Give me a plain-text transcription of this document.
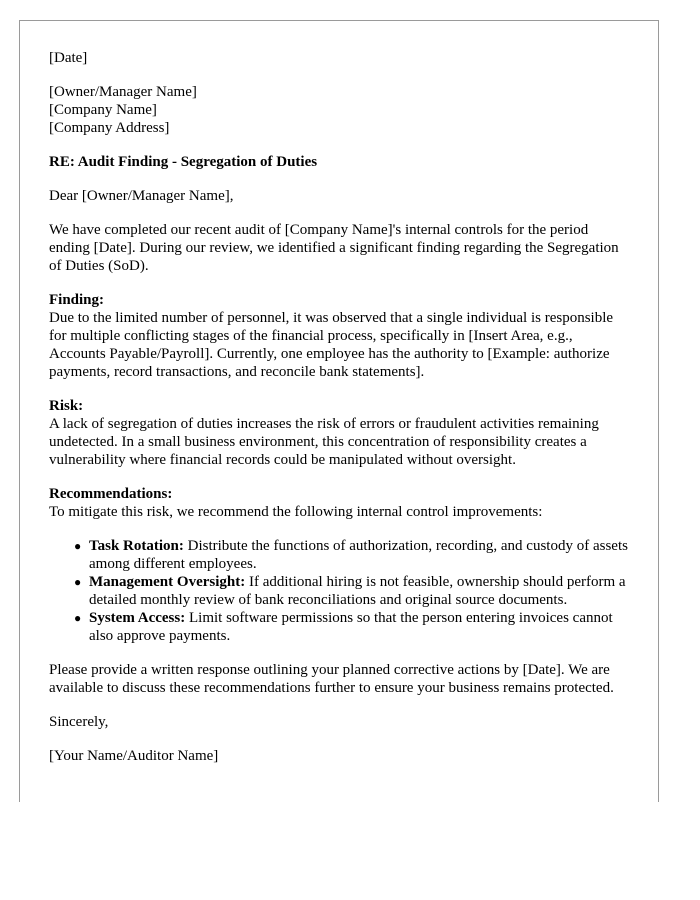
[Date]
[Owner/Manager Name]
[Company Name]
[Company Address]
RE: Audit Finding - Segregation of Duties
Dear [Owner/Manager Name],
We have completed our recent audit of [Company Name]'s internal controls for the period ending [Date]. During our review, we identified a significant finding regarding the Segregation of Duties (SoD).
Finding:
Due to the limited number of personnel, it was observed that a single individual is responsible for multiple conflicting stages of the financial process, specifically in [Insert Area, e.g., Accounts Payable/Payroll]. Currently, one employee has the authority to [Example: authorize payments, record transactions, and reconcile bank statements].
Risk:
A lack of segregation of duties increases the risk of errors or fraudulent activities remaining undetected. In a small business environment, this concentration of responsibility creates a vulnerability where financial records could be manipulated without oversight.
Recommendations:
To mitigate this risk, we recommend the following internal control improvements:
● Task Rotation: Distribute the functions of authorization, recording, and custody of assets among different employees.
● Management Oversight: If additional hiring is not feasible, ownership should perform a detailed monthly review of bank reconciliations and original source documents.
● System Access: Limit software permissions so that the person entering invoices cannot also approve payments.
Please provide a written response outlining your planned corrective actions by [Date]. We are available to discuss these recommendations further to ensure your business remains protected.
Sincerely,
[Your Name/Auditor Name]
